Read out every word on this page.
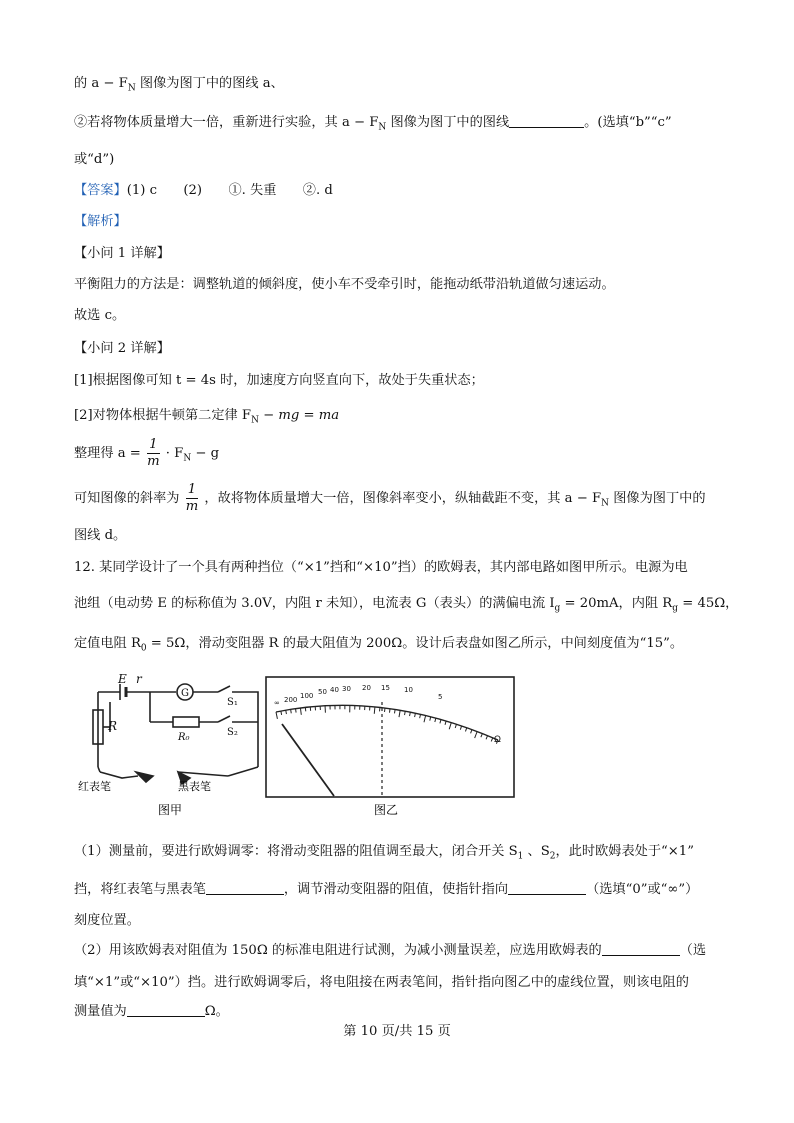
的 $a - F_N$ 图像为图丁中的图线 a、
②若将物体质量增大一倍，重新进行实验，其 $a - F_N$ 图像为图丁中的图线	。(选填“b”“c”
或“d”)
【答案】(1) c　　(2)　　①. 失重　　②. d
【解析】
【小问 1 详解】
平衡阻力的方法是：调整轨道的倾斜度，使小车不受牵引时，能拖动纸带沿轨道做匀速运动。
故选 c。
【小问 2 详解】
[1]根据图像可知 t = 4s 时，加速度方向竖直向下，故处于失重状态；
[2]对物体根据牛顿第二定律 $F_N$ − mg = ma
整理得 $a = \frac{1}{m} \cdot F_N - g$
可知图像的斜率为 $\frac{1}{m}$ ，故将物体质量增大一倍，图像斜率变小，纵轴截距不变，其 $a - F_N$ 图像为图丁中的
图线 d。
12. 某同学设计了一个具有两种挡位（“×1”挡和“×10”挡）的欧姆表，其内部电路如图甲所示。电源为电
池组（电动势 E 的标称值为 3.0V，内阻 r 未知），电流表 G（表头）的满偏电流 $I_g = 20mA$，内阻 $R_g = 45\Omega$，
定值电阻 $R_0 = 5\Omega$，滑动变阻器 R 的最大阻值为 200Ω。设计后表盘如图乙所示，中间刻度值为“15”。
E r
G
S₁
S₂
R
R₀
红表笔	黑表笔
图甲
∞ 200 100 50 40 30 20 15 10
5
Ω
图乙
（1）测量前，要进行欧姆调零：将滑动变阻器的阻值调至最大，闭合开关 $S_1$ 、$S_2$，此时欧姆表处于“×1”
挡，将红表笔与黑表笔	，调节滑动变阻器的阻值，使指针指向	（选填“0”或“∞”）
刻度位置。
（2）用该欧姆表对阻值为 150Ω 的标准电阻进行试测，为减小测量误差，应选用欧姆表的	（选
填“×1”或“×10”）挡。进行欧姆调零后，将电阻接在两表笔间，指针指向图乙中的虚线位置，则该电阻的
测量值为	Ω。
第 10 页/共 15 页
